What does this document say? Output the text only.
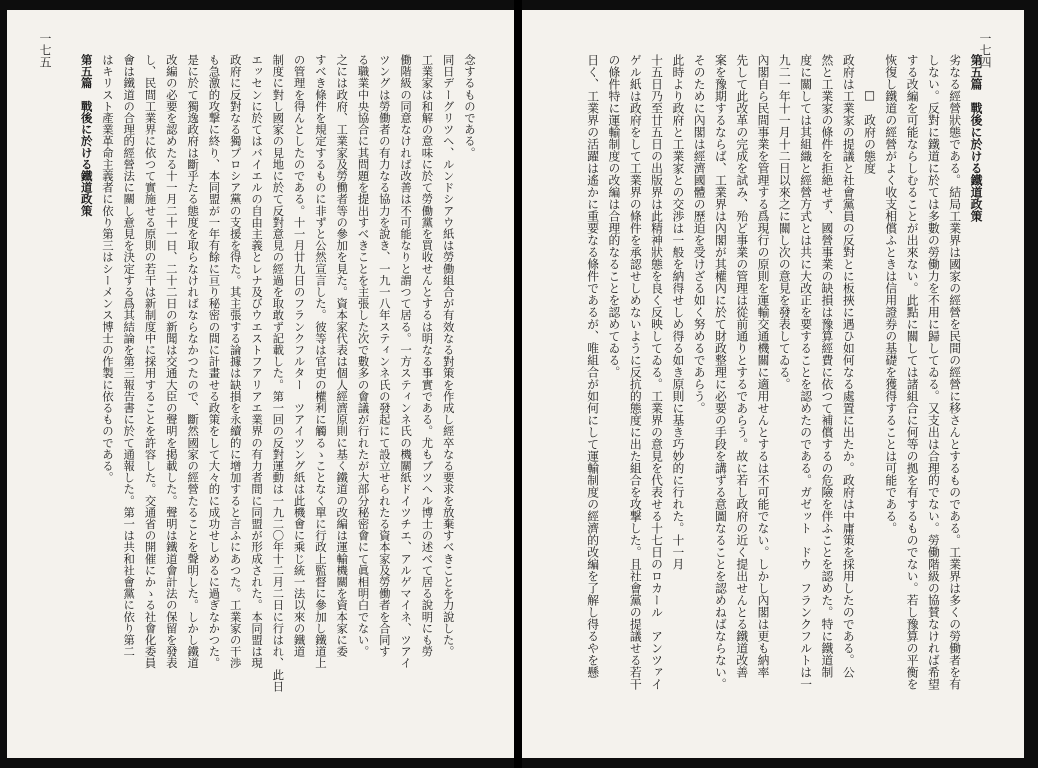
念するものである。
同日デーグリツヘ、ルンドシアウ紙は勞働組合が有效なる對策を作成し經卒なる要求を放棄すべきことを力說した。
工業家は和解の意味に於て勞働黨を買收せんとするは明なる事實である。尤もブツヘル博士の述べて居る說明にも勞
働階級の同意なければ改善は不可能なりと謂つて居る。一方スティンネ氏の機關紙ドイツチエ、アルゲマイネ、ツアイ
ツングは勞働者の有力なる協力を說き、一九一八年スティンネ氏の發起にて設立せられたる資本家及勞働者を合同す
る職業中央協合に其問題を提出すべきことを主張した次で數多の會議が行れたが大部分秘密會にて眞相明白でない。
之には政府、工業家及勞働者等の參加を見た。資本家代表は個人經濟原則に基く鐵道の改編は運輸機關を資本家に委
すべき條件を規定するものに非ずと公然宣言した。彼等は官吏の權利に觸るゝことなく單に行政上監督に參加し鐵道上
の管理を得んとしたのである。十一月廿九日のフランクフルター　ツアイツング紙は此機會に乘じ統一法以來の鐵道
制度に對し國家の見地に於て反對意見の經過を取敢ず記載した。第一回の反對運動は一九二〇年十二月二日に行はれ、此日
エッセンに於てはバイエルの自由主義とレナ及びウエストフアリアエ業界の有力者間に同盟が形成された。本同盟は現
政府に反對なる獨プロシア黨の支援を得た。其主張する論據は缺損を永續的に增加すると言ふにあつた。工業家の干渉
も急激的攻撃に終り、本同盟が一年有餘に亘り秘密の間に計畫せる政策をして大々的に成功せしめるに過ぎなかつた。
是に於て獨逸政府は斷乎たる態度を取らなければならなかつたので、斷然國家の經營たることを聲明した。しかし鐵道
改編の必要を認めたる十一月二十一日、二十二日の新聞は交通大臣の聲明を掲載した。聲明は鐵道會計法の保留を發表
し、民間工業界に依つて實施せる原則の若干は新制度中に採用することを許容した。交通省の開催にかゝる社會化委員
會は鐵道の合理的經營法に關し意見を決定する爲其結論を第三報告書に於て通報した。第一は共和社會黨に依り第二
はキリスト產業革命主義者に依り第三はシーメンス博士の作製に依るものである。
第五篇　戰後に於ける鐵道政策
一七五
第五篇　戰後に於ける鐵道政策
劣なる經營狀態である。結局工業界は國家の經營を民間の經營に移さんとするものである。工業界は多くの勞働者を有
しない。反對に鐵道に於ては多數の勞働力を不用に歸してゐる。又支出は合理的でない。勞働階級の協賛なければ希望
する改編を可能ならしむることが出來ない。此點に關しては諸組合に何等の拠を有するものでない。若し豫算の平衡を
恢復し鐵道の經營がよく收支相償ふときは信用證券の基礎を獲得することは可能である。
□　政府の態度
政府は工業家の提議と社會黨員の反對とに板挾に遇ひ如何なる處置に出たか。政府は中庸策を採用したのである。公
然と工業家の條件を拒絶せず、國營事業の缺損は豫算經費に依つて補償するの危險を伴ふことを認めた。特に鐵道制
度に關しては其組織と經營方式とは共に大改正を要することを認めたのである。ガゼット　ドウ　フランクフルトは一
九二一年十一月十二日以來之に關し次の意見を發表してゐる。
內閣自ら民間事業を管理する爲現行の原則を運輸交通機關に適用せんとするは不可能でない。しかし內閣は更も納率
先して此改革の完成を試み、殆ど事業の管理は從前通りとするであらう。故に若し政府の近く提出せんとる鐵道改善
案を豫期するならば、工業界は內閣が其權內に於て財政整理に必要の手段を講ずる意圖なることを認めねばならない。
そのために內閣は經濟國體の歷迫を受けざる如く努めるであらう。
此時より政府と工業家との交渉は一般を納得せしめ得る如き原則に基き巧妙的に行れた。十一月
十五日乃至廿五日の出版界は此精神狀態を良く反映してゐる。工業界の意見を代表せる十七日のロカール　アンツァイ
ゲル紙は政府をして工業界の條件を承認せしめないように反抗的態度に出た組合を攻撃した。且社會黨の提議せる若干
の條件特に運輸制度の改編は合理的なることを認めてゐる。
日く、工業界の活躍は遙かに重要なる條件であるが、唯組合が如何にして運輸制度の經濟的改編を了解し得るやを懸
一七四
